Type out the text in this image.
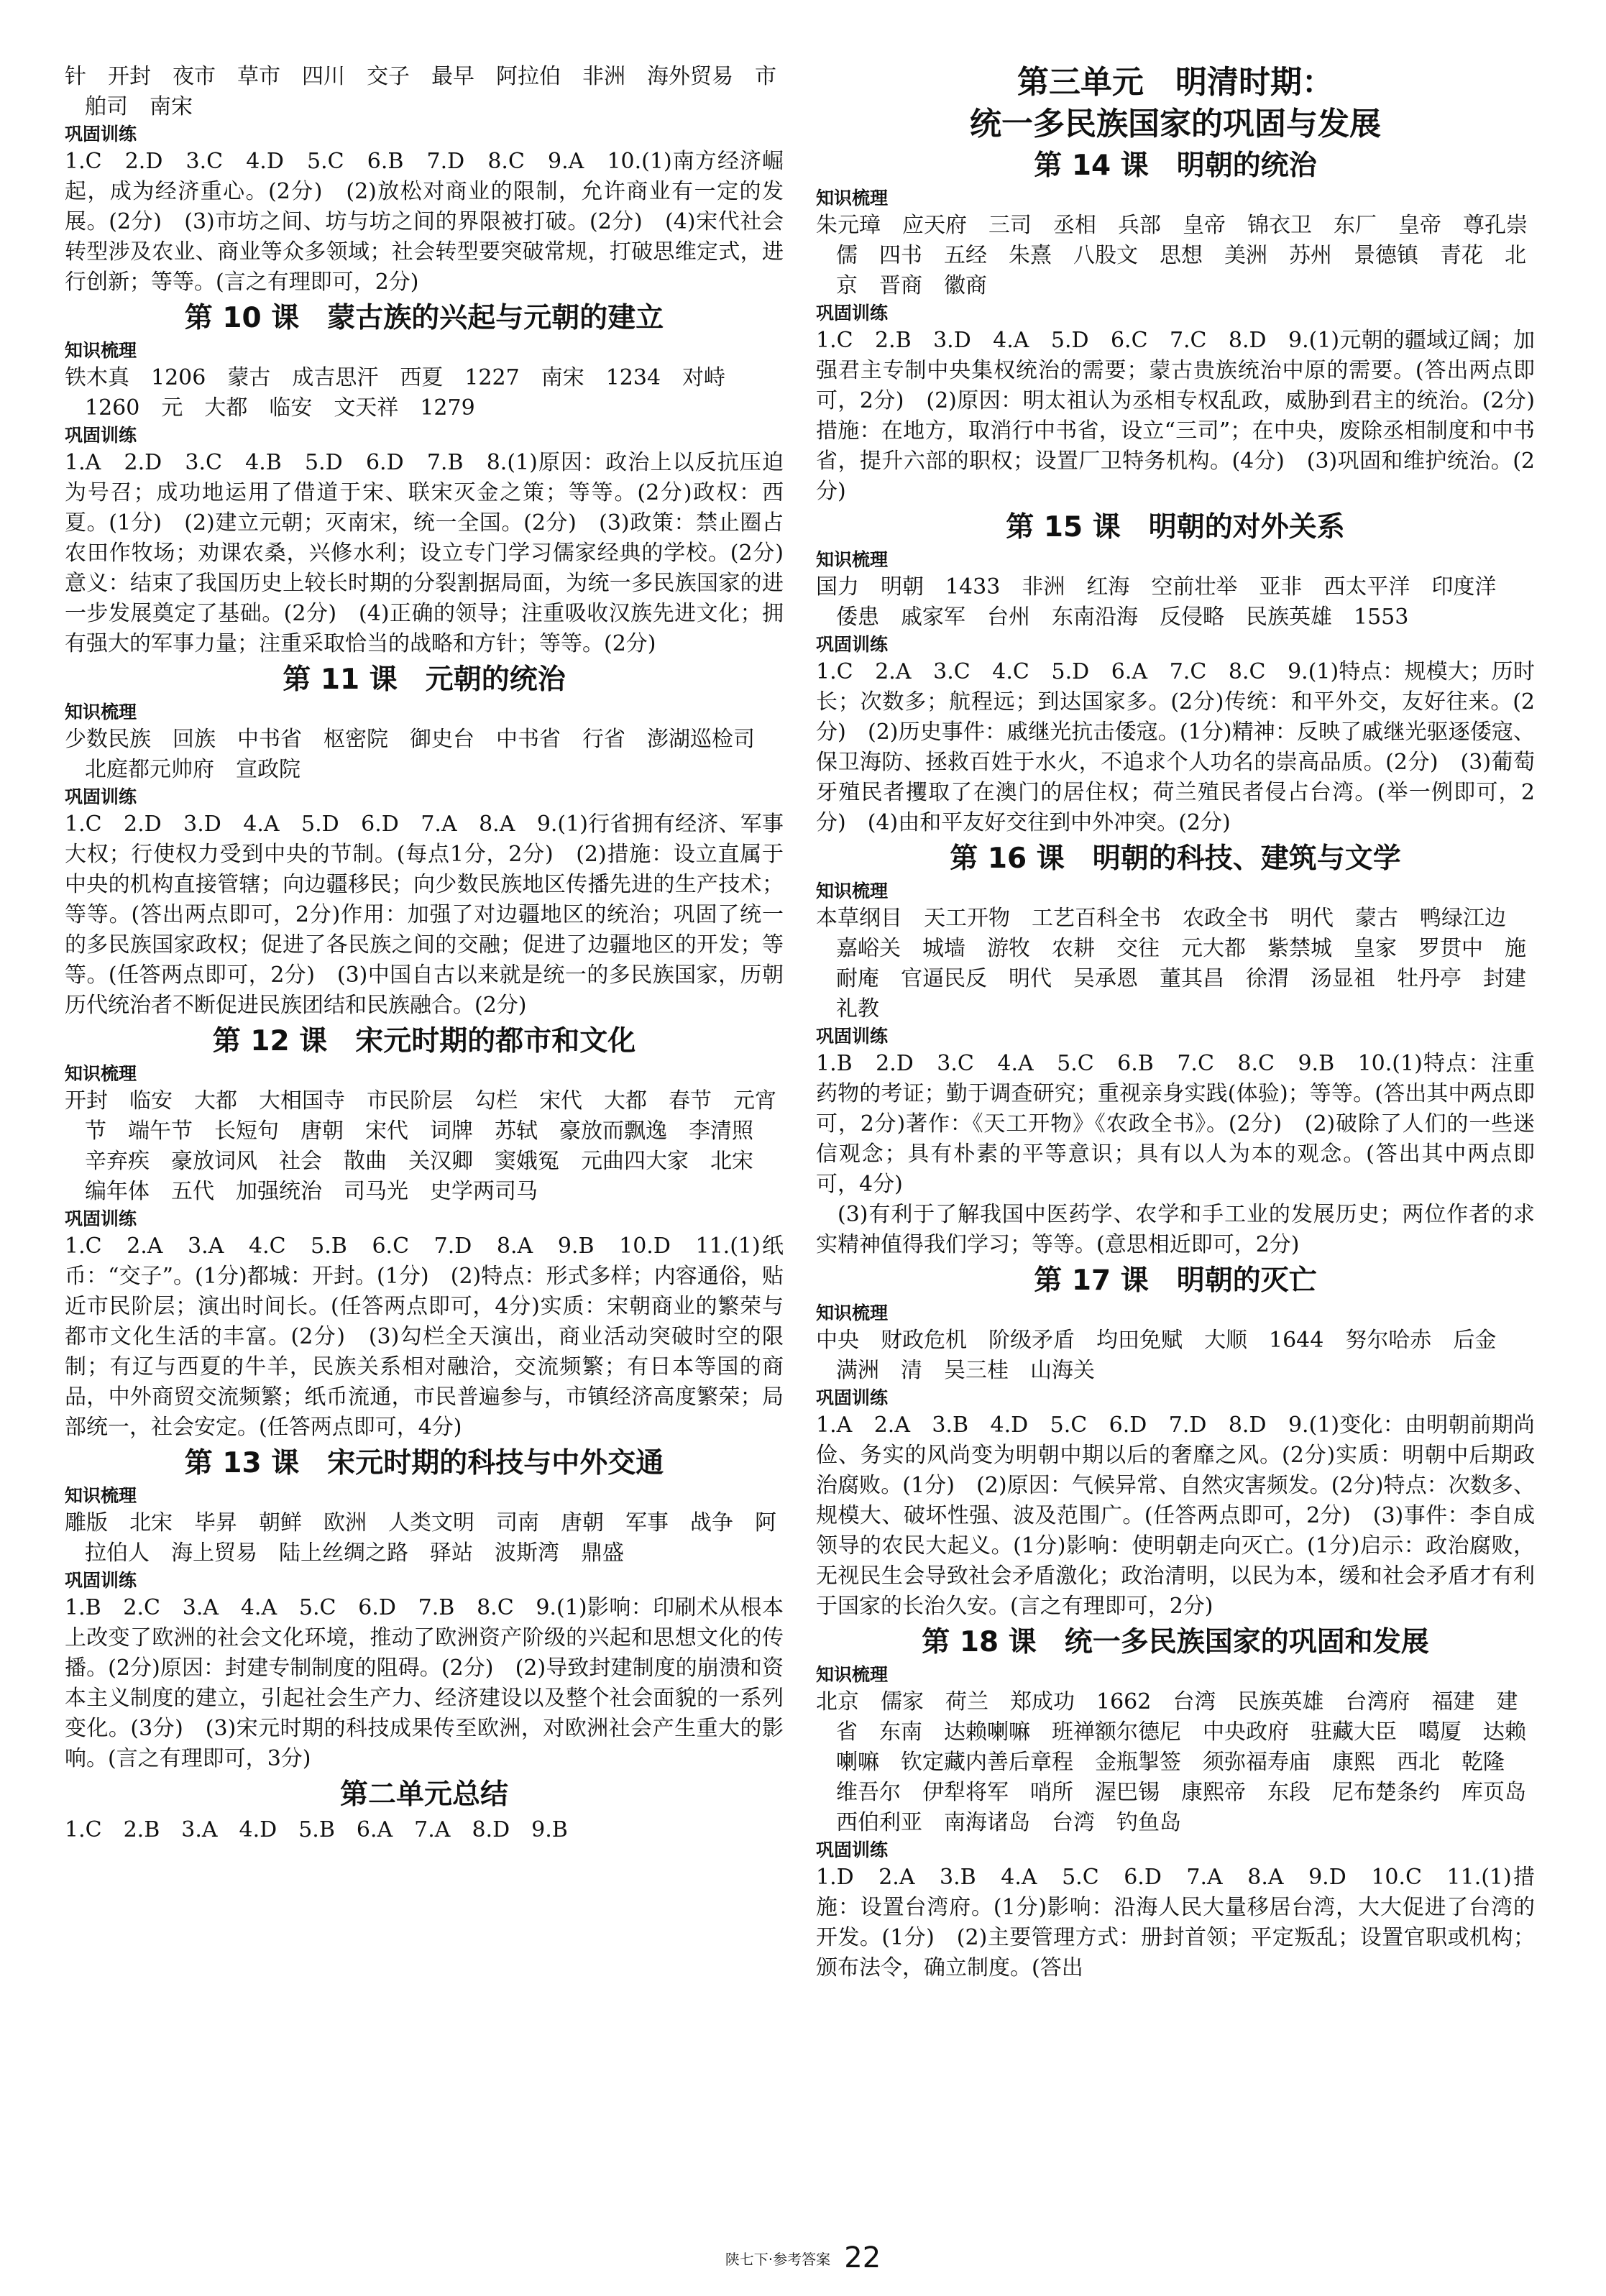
针　开封　夜市　草市　四川　交子　最早　阿拉伯　非洲　海外贸易　市舶司　南宋

巩固训练

1.C　2.D　3.C　4.D　5.C　6.B　7.D　8.C　9.A　10.(1)南方经济崛起，成为经济重心。(2分)　(2)放松对商业的限制，允许商业有一定的发展。(2分)　(3)市坊之间、坊与坊之间的界限被打破。(2分)　(4)宋代社会转型涉及农业、商业等众多领域；社会转型要突破常规，打破思维定式，进行创新；等等。(言之有理即可，2分)

第 10 课　蒙古族的兴起与元朝的建立

知识梳理

铁木真　1206　蒙古　成吉思汗　西夏　1227　南宋　1234　对峙　1260　元　大都　临安　文天祥　1279

巩固训练

1.A　2.D　3.C　4.B　5.D　6.D　7.B　8.(1)原因：政治上以反抗压迫为号召；成功地运用了借道于宋、联宋灭金之策；等等。(2分)政权：西夏。(1分)　(2)建立元朝；灭南宋，统一全国。(2分)　(3)政策：禁止圈占农田作牧场；劝课农桑，兴修水利；设立专门学习儒家经典的学校。(2分)意义：结束了我国历史上较长时期的分裂割据局面，为统一多民族国家的进一步发展奠定了基础。(2分)　(4)正确的领导；注重吸收汉族先进文化；拥有强大的军事力量；注重采取恰当的战略和方针；等等。(2分)

第 11 课　元朝的统治

知识梳理

少数民族　回族　中书省　枢密院　御史台　中书省　行省　澎湖巡检司　北庭都元帅府　宣政院

巩固训练

1.C　2.D　3.D　4.A　5.D　6.D　7.A　8.A　9.(1)行省拥有经济、军事大权；行使权力受到中央的节制。(每点1分，2分)　(2)措施：设立直属于中央的机构直接管辖；向边疆移民；向少数民族地区传播先进的生产技术；等等。(答出两点即可，2分)作用：加强了对边疆地区的统治；巩固了统一的多民族国家政权；促进了各民族之间的交融；促进了边疆地区的开发；等等。(任答两点即可，2分)　(3)中国自古以来就是统一的多民族国家，历朝历代统治者不断促进民族团结和民族融合。(2分)

第 12 课　宋元时期的都市和文化

知识梳理

开封　临安　大都　大相国寺　市民阶层　勾栏　宋代　大都　春节　元宵节　端午节　长短句　唐朝　宋代　词牌　苏轼　豪放而飘逸　李清照　辛弃疾　豪放词风　社会　散曲　关汉卿　窦娥冤　元曲四大家　北宋　编年体　五代　加强统治　司马光　史学两司马

巩固训练

1.C　2.A　3.A　4.C　5.B　6.C　7.D　8.A　9.B　10.D　11.(1)纸币：“交子”。(1分)都城：开封。(1分)　(2)特点：形式多样；内容通俗，贴近市民阶层；演出时间长。(任答两点即可，4分)实质：宋朝商业的繁荣与都市文化生活的丰富。(2分)　(3)勾栏全天演出，商业活动突破时空的限制；有辽与西夏的牛羊，民族关系相对融洽，交流频繁；有日本等国的商品，中外商贸交流频繁；纸币流通，市民普遍参与，市镇经济高度繁荣；局部统一，社会安定。(任答两点即可，4分)

第 13 课　宋元时期的科技与中外交通

知识梳理

雕版　北宋　毕昇　朝鲜　欧洲　人类文明　司南　唐朝　军事　战争　阿拉伯人　海上贸易　陆上丝绸之路　驿站　波斯湾　鼎盛

巩固训练

1.B　2.C　3.A　4.A　5.C　6.D　7.B　8.C　9.(1)影响：印刷术从根本上改变了欧洲的社会文化环境，推动了欧洲资产阶级的兴起和思想文化的传播。(2分)原因：封建专制制度的阻碍。(2分)　(2)导致封建制度的崩溃和资本主义制度的建立，引起社会生产力、经济建设以及整个社会面貌的一系列变化。(3分)　(3)宋元时期的科技成果传至欧洲，对欧洲社会产生重大的影响。(言之有理即可，3分)

第二单元总结

1.C　2.B　3.A　4.D　5.B　6.A　7.A　8.D　9.B

第三单元　明清时期：
统一多民族国家的巩固与发展
第 14 课　明朝的统治

知识梳理

朱元璋　应天府　三司　丞相　兵部　皇帝　锦衣卫　东厂　皇帝　尊孔崇儒　四书　五经　朱熹　八股文　思想　美洲　苏州　景德镇　青花　北京　晋商　徽商

巩固训练

1.C　2.B　3.D　4.A　5.D　6.C　7.C　8.D　9.(1)元朝的疆域辽阔；加强君主专制中央集权统治的需要；蒙古贵族统治中原的需要。(答出两点即可，2分)　(2)原因：明太祖认为丞相专权乱政，威胁到君主的统治。(2分)措施：在地方，取消行中书省，设立“三司”；在中央，废除丞相制度和中书省，提升六部的职权；设置厂卫特务机构。(4分)　(3)巩固和维护统治。(2分)

第 15 课　明朝的对外关系

知识梳理

国力　明朝　1433　非洲　红海　空前壮举　亚非　西太平洋　印度洋　倭患　戚家军　台州　东南沿海　反侵略　民族英雄　1553

巩固训练

1.C　2.A　3.C　4.C　5.D　6.A　7.C　8.C　9.(1)特点：规模大；历时长；次数多；航程远；到达国家多。(2分)传统：和平外交，友好往来。(2分)　(2)历史事件：戚继光抗击倭寇。(1分)精神：反映了戚继光驱逐倭寇、保卫海防、拯救百姓于水火，不追求个人功名的崇高品质。(2分)　(3)葡萄牙殖民者攫取了在澳门的居住权；荷兰殖民者侵占台湾。(举一例即可，2分)　(4)由和平友好交往到中外冲突。(2分)

第 16 课　明朝的科技、建筑与文学

知识梳理

本草纲目　天工开物　工艺百科全书　农政全书　明代　蒙古　鸭绿江边　嘉峪关　城墙　游牧　农耕　交往　元大都　紫禁城　皇家　罗贯中　施耐庵　官逼民反　明代　吴承恩　董其昌　徐渭　汤显祖　牡丹亭　封建礼教

巩固训练

1.B　2.D　3.C　4.A　5.C　6.B　7.C　8.C　9.B　10.(1)特点：注重药物的考证；勤于调查研究；重视亲身实践(体验)；等等。(答出其中两点即可，2分)著作：《天工开物》《农政全书》。(2分)　(2)破除了人们的一些迷信观念；具有朴素的平等意识；具有以人为本的观念。(答出其中两点即可，4分)

(3)有利于了解我国中医药学、农学和手工业的发展历史；两位作者的求实精神值得我们学习；等等。(意思相近即可，2分)

第 17 课　明朝的灭亡

知识梳理

中央　财政危机　阶级矛盾　均田免赋　大顺　1644　努尔哈赤　后金　满洲　清　吴三桂　山海关

巩固训练

1.A　2.A　3.B　4.D　5.C　6.D　7.D　8.D　9.(1)变化：由明朝前期尚俭、务实的风尚变为明朝中期以后的奢靡之风。(2分)实质：明朝中后期政治腐败。(1分)　(2)原因：气候异常、自然灾害频发。(2分)特点：次数多、规模大、破坏性强、波及范围广。(任答两点即可，2分)　(3)事件：李自成领导的农民大起义。(1分)影响：使明朝走向灭亡。(1分)启示：政治腐败，无视民生会导致社会矛盾激化；政治清明，以民为本，缓和社会矛盾才有利于国家的长治久安。(言之有理即可，2分)

第 18 课　统一多民族国家的巩固和发展

知识梳理

北京　儒家　荷兰　郑成功　1662　台湾　民族英雄　台湾府　福建　建省　东南　达赖喇嘛　班禅额尔德尼　中央政府　驻藏大臣　噶厦　达赖喇嘛　钦定藏内善后章程　金瓶掣签　须弥福寿庙　康熙　西北　乾隆　维吾尔　伊犁将军　哨所　渥巴锡　康熙帝　东段　尼布楚条约　库页岛　西伯利亚　南海诸岛　台湾　钓鱼岛

巩固训练

1.D　2.A　3.B　4.A　5.C　6.D　7.A　8.A　9.D　10.C　11.(1)措施：设置台湾府。(1分)影响：沿海人民大量移居台湾，大大促进了台湾的开发。(1分)　(2)主要管理方式：册封首领；平定叛乱；设置官职或机构；颁布法令，确立制度。(答出

陕七下·参考答案 22
